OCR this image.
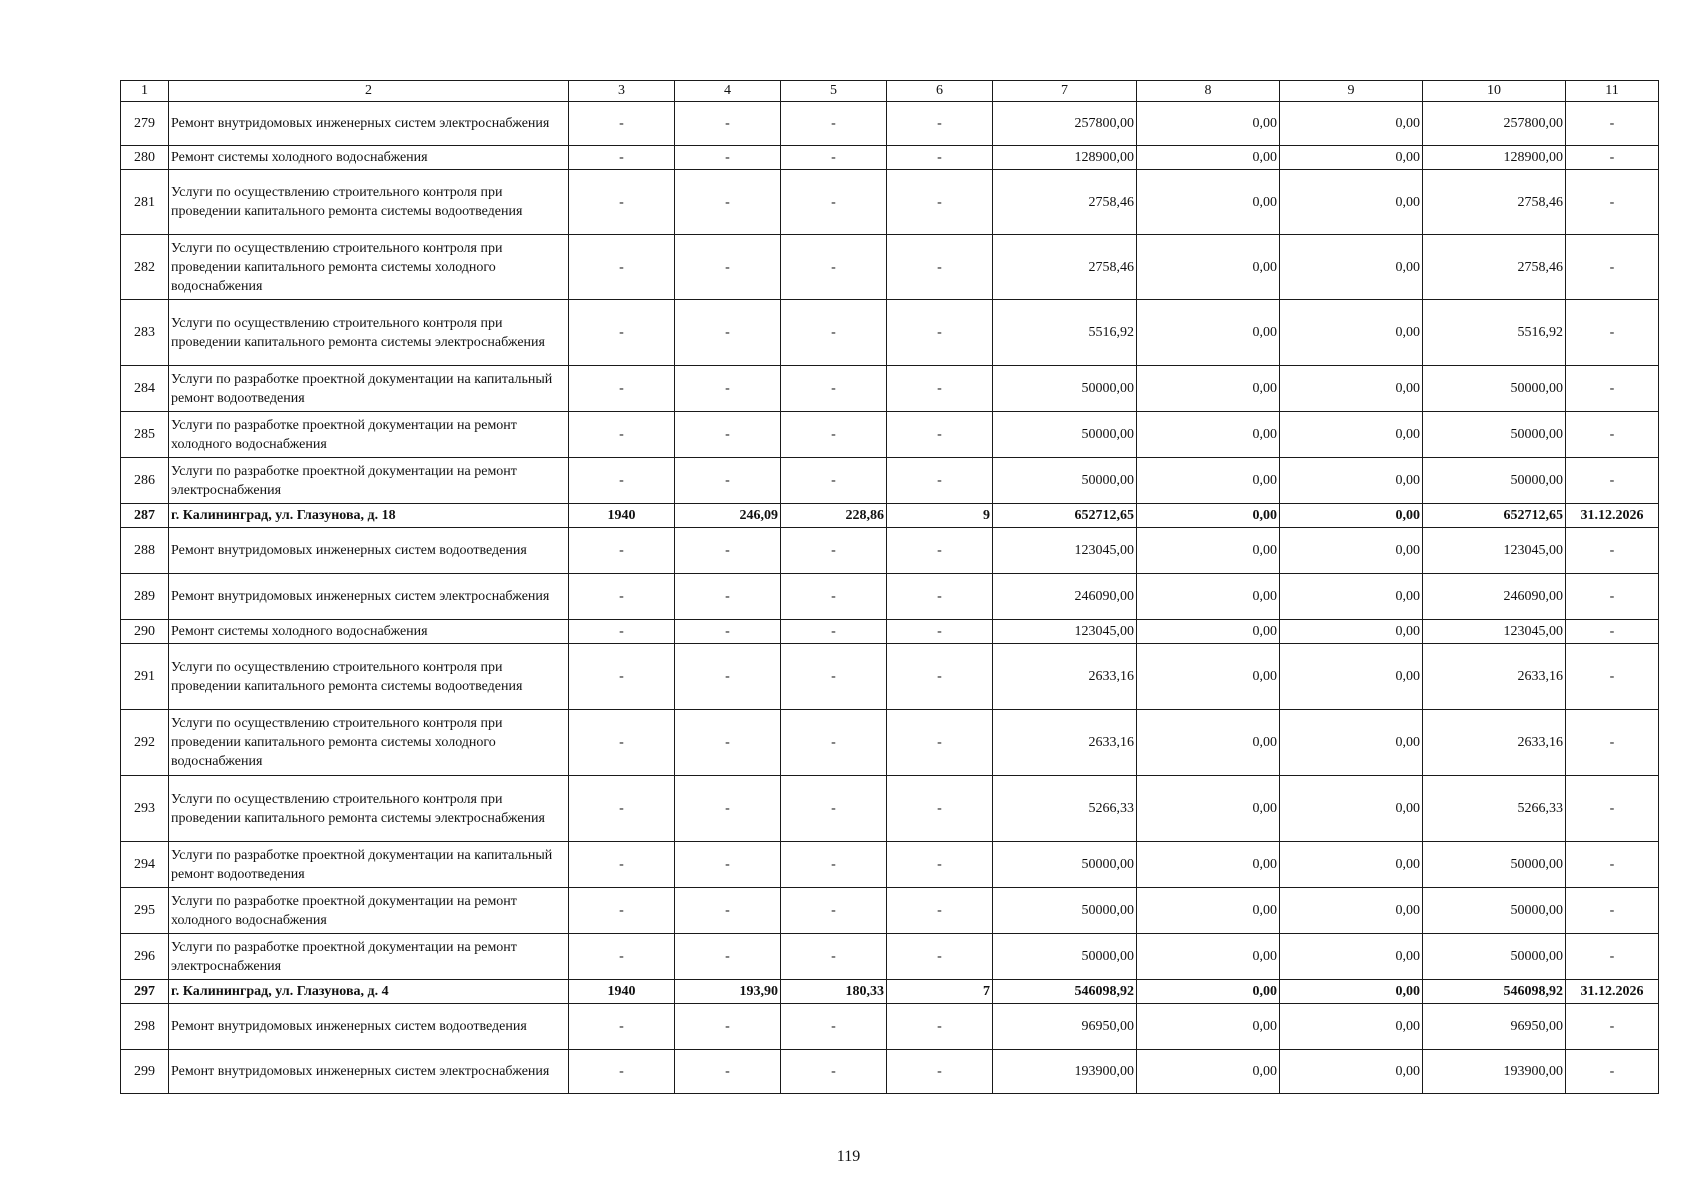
1	2	3	4	5	6	7	8	9	10	11
279	Ремонт внутридомовых инженерных систем электроснабжения	-	-	-	-	257800,00	0,00	0,00	257800,00	-
280	Ремонт системы холодного водоснабжения	-	-	-	-	128900,00	0,00	0,00	128900,00	-
281	Услуги по осуществлению строительного контроля при проведении капитального ремонта системы водоотведения	-	-	-	-	2758,46	0,00	0,00	2758,46	-
282	Услуги по осуществлению строительного контроля при проведении капитального ремонта системы холодного водоснабжения	-	-	-	-	2758,46	0,00	0,00	2758,46	-
283	Услуги по осуществлению строительного контроля при проведении капитального ремонта системы электроснабжения	-	-	-	-	5516,92	0,00	0,00	5516,92	-
284	Услуги по разработке проектной документации на капитальный ремонт водоотведения	-	-	-	-	50000,00	0,00	0,00	50000,00	-
285	Услуги по разработке проектной документации на ремонт холодного водоснабжения	-	-	-	-	50000,00	0,00	0,00	50000,00	-
286	Услуги по разработке проектной документации на ремонт электроснабжения	-	-	-	-	50000,00	0,00	0,00	50000,00	-
287	г. Калининград, ул. Глазунова, д. 18	1940	246,09	228,86	9	652712,65	0,00	0,00	652712,65	31.12.2026
288	Ремонт внутридомовых инженерных систем водоотведения	-	-	-	-	123045,00	0,00	0,00	123045,00	-
289	Ремонт внутридомовых инженерных систем электроснабжения	-	-	-	-	246090,00	0,00	0,00	246090,00	-
290	Ремонт системы холодного водоснабжения	-	-	-	-	123045,00	0,00	0,00	123045,00	-
291	Услуги по осуществлению строительного контроля при проведении капитального ремонта системы водоотведения	-	-	-	-	2633,16	0,00	0,00	2633,16	-
292	Услуги по осуществлению строительного контроля при проведении капитального ремонта системы холодного водоснабжения	-	-	-	-	2633,16	0,00	0,00	2633,16	-
293	Услуги по осуществлению строительного контроля при проведении капитального ремонта системы электроснабжения	-	-	-	-	5266,33	0,00	0,00	5266,33	-
294	Услуги по разработке проектной документации на капитальный ремонт водоотведения	-	-	-	-	50000,00	0,00	0,00	50000,00	-
295	Услуги по разработке проектной документации на ремонт холодного водоснабжения	-	-	-	-	50000,00	0,00	0,00	50000,00	-
296	Услуги по разработке проектной документации на ремонт электроснабжения	-	-	-	-	50000,00	0,00	0,00	50000,00	-
297	г. Калининград, ул. Глазунова, д. 4	1940	193,90	180,33	7	546098,92	0,00	0,00	546098,92	31.12.2026
298	Ремонт внутридомовых инженерных систем водоотведения	-	-	-	-	96950,00	0,00	0,00	96950,00	-
299	Ремонт внутридомовых инженерных систем электроснабжения	-	-	-	-	193900,00	0,00	0,00	193900,00	-
119
